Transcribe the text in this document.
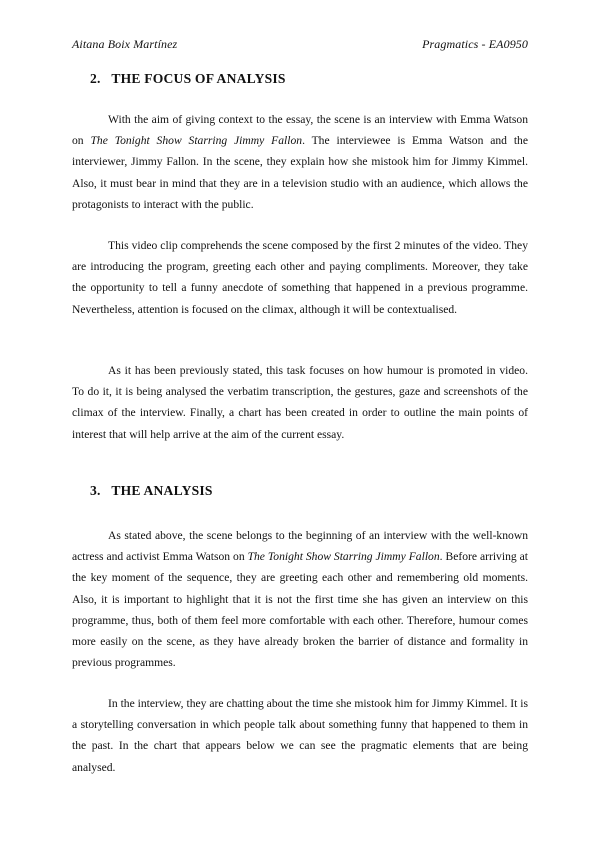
Aitana Boix Martínez	Pragmatics - EA0950
2. THE FOCUS OF ANALYSIS

With the aim of giving context to the essay, the scene is an interview with Emma Watson on The Tonight Show Starring Jimmy Fallon. The interviewee is Emma Watson and the interviewer, Jimmy Fallon. In the scene, they explain how she mistook him for Jimmy Kimmel. Also, it must bear in mind that they are in a television studio with an audience, which allows the protagonists to interact with the public.

This video clip comprehends the scene composed by the first 2 minutes of the video. They are introducing the program, greeting each other and paying compliments. Moreover, they take the opportunity to tell a funny anecdote of something that happened in a previous programme. Nevertheless, attention is focused on the climax, although it will be contextualised.

As it has been previously stated, this task focuses on how humour is promoted in video. To do it, it is being analysed the verbatim transcription, the gestures, gaze and screenshots of the climax of the interview. Finally, a chart has been created in order to outline the main points of interest that will help arrive at the aim of the current essay.

3. THE ANALYSIS

As stated above, the scene belongs to the beginning of an interview with the well-known actress and activist Emma Watson on The Tonight Show Starring Jimmy Fallon. Before arriving at the key moment of the sequence, they are greeting each other and remembering old moments. Also, it is important to highlight that it is not the first time she has given an interview on this programme, thus, both of them feel more comfortable with each other. Therefore, humour comes more easily on the scene, as they have already broken the barrier of distance and formality in previous programmes.

In the interview, they are chatting about the time she mistook him for Jimmy Kimmel. It is a storytelling conversation in which people talk about something funny that happened to them in the past. In the chart that appears below we can see the pragmatic elements that are being analysed.
